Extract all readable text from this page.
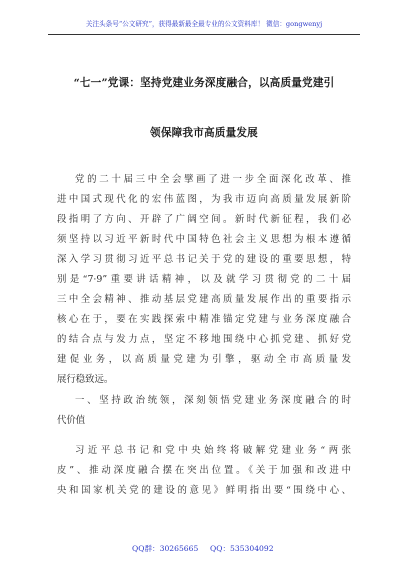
关注头条号“公文研究”，获得最新最全最专业的公文资料库！ 微信：gongwenyj
“七一”党课：坚持党建业务深度融合，以高质量党建引
领保障我市高质量发展
党的二十届三中全会擘画了进一步全面深化改革、推
进中国式现代化的宏伟蓝图，为我市迈向高质量发展新阶
段指明了方向、开辟了广阔空间。新时代新征程，我们必
须坚持以习近平新时代中国特色社会主义思想为根本遵循
深入学习贯彻习近平总书记关于党的建设的重要思想，特
别是“7·9”重要讲话精神，以及就学习贯彻党的二十届
三中全会精神、推动基层党建高质量发展作出的重要指示
核心在于，要在实践探索中精准锚定党建与业务深度融合
的结合点与发力点，坚定不移地围绕中心抓党建、抓好党
建促业务，以高质量党建为引擎，驱动全市高质量发
展行稳致远。
一、坚持政治统领，深刻领悟党建业务深度融合的时
代价值
习近平总书记和党中央始终将破解党建业务“两张
皮”、推动深度融合摆在突出位置。《关于加强和改进中
央和国家机关党的建设的意见》鲜明指出要“围绕中心、
QQ群：30265665 QQ：535304092
